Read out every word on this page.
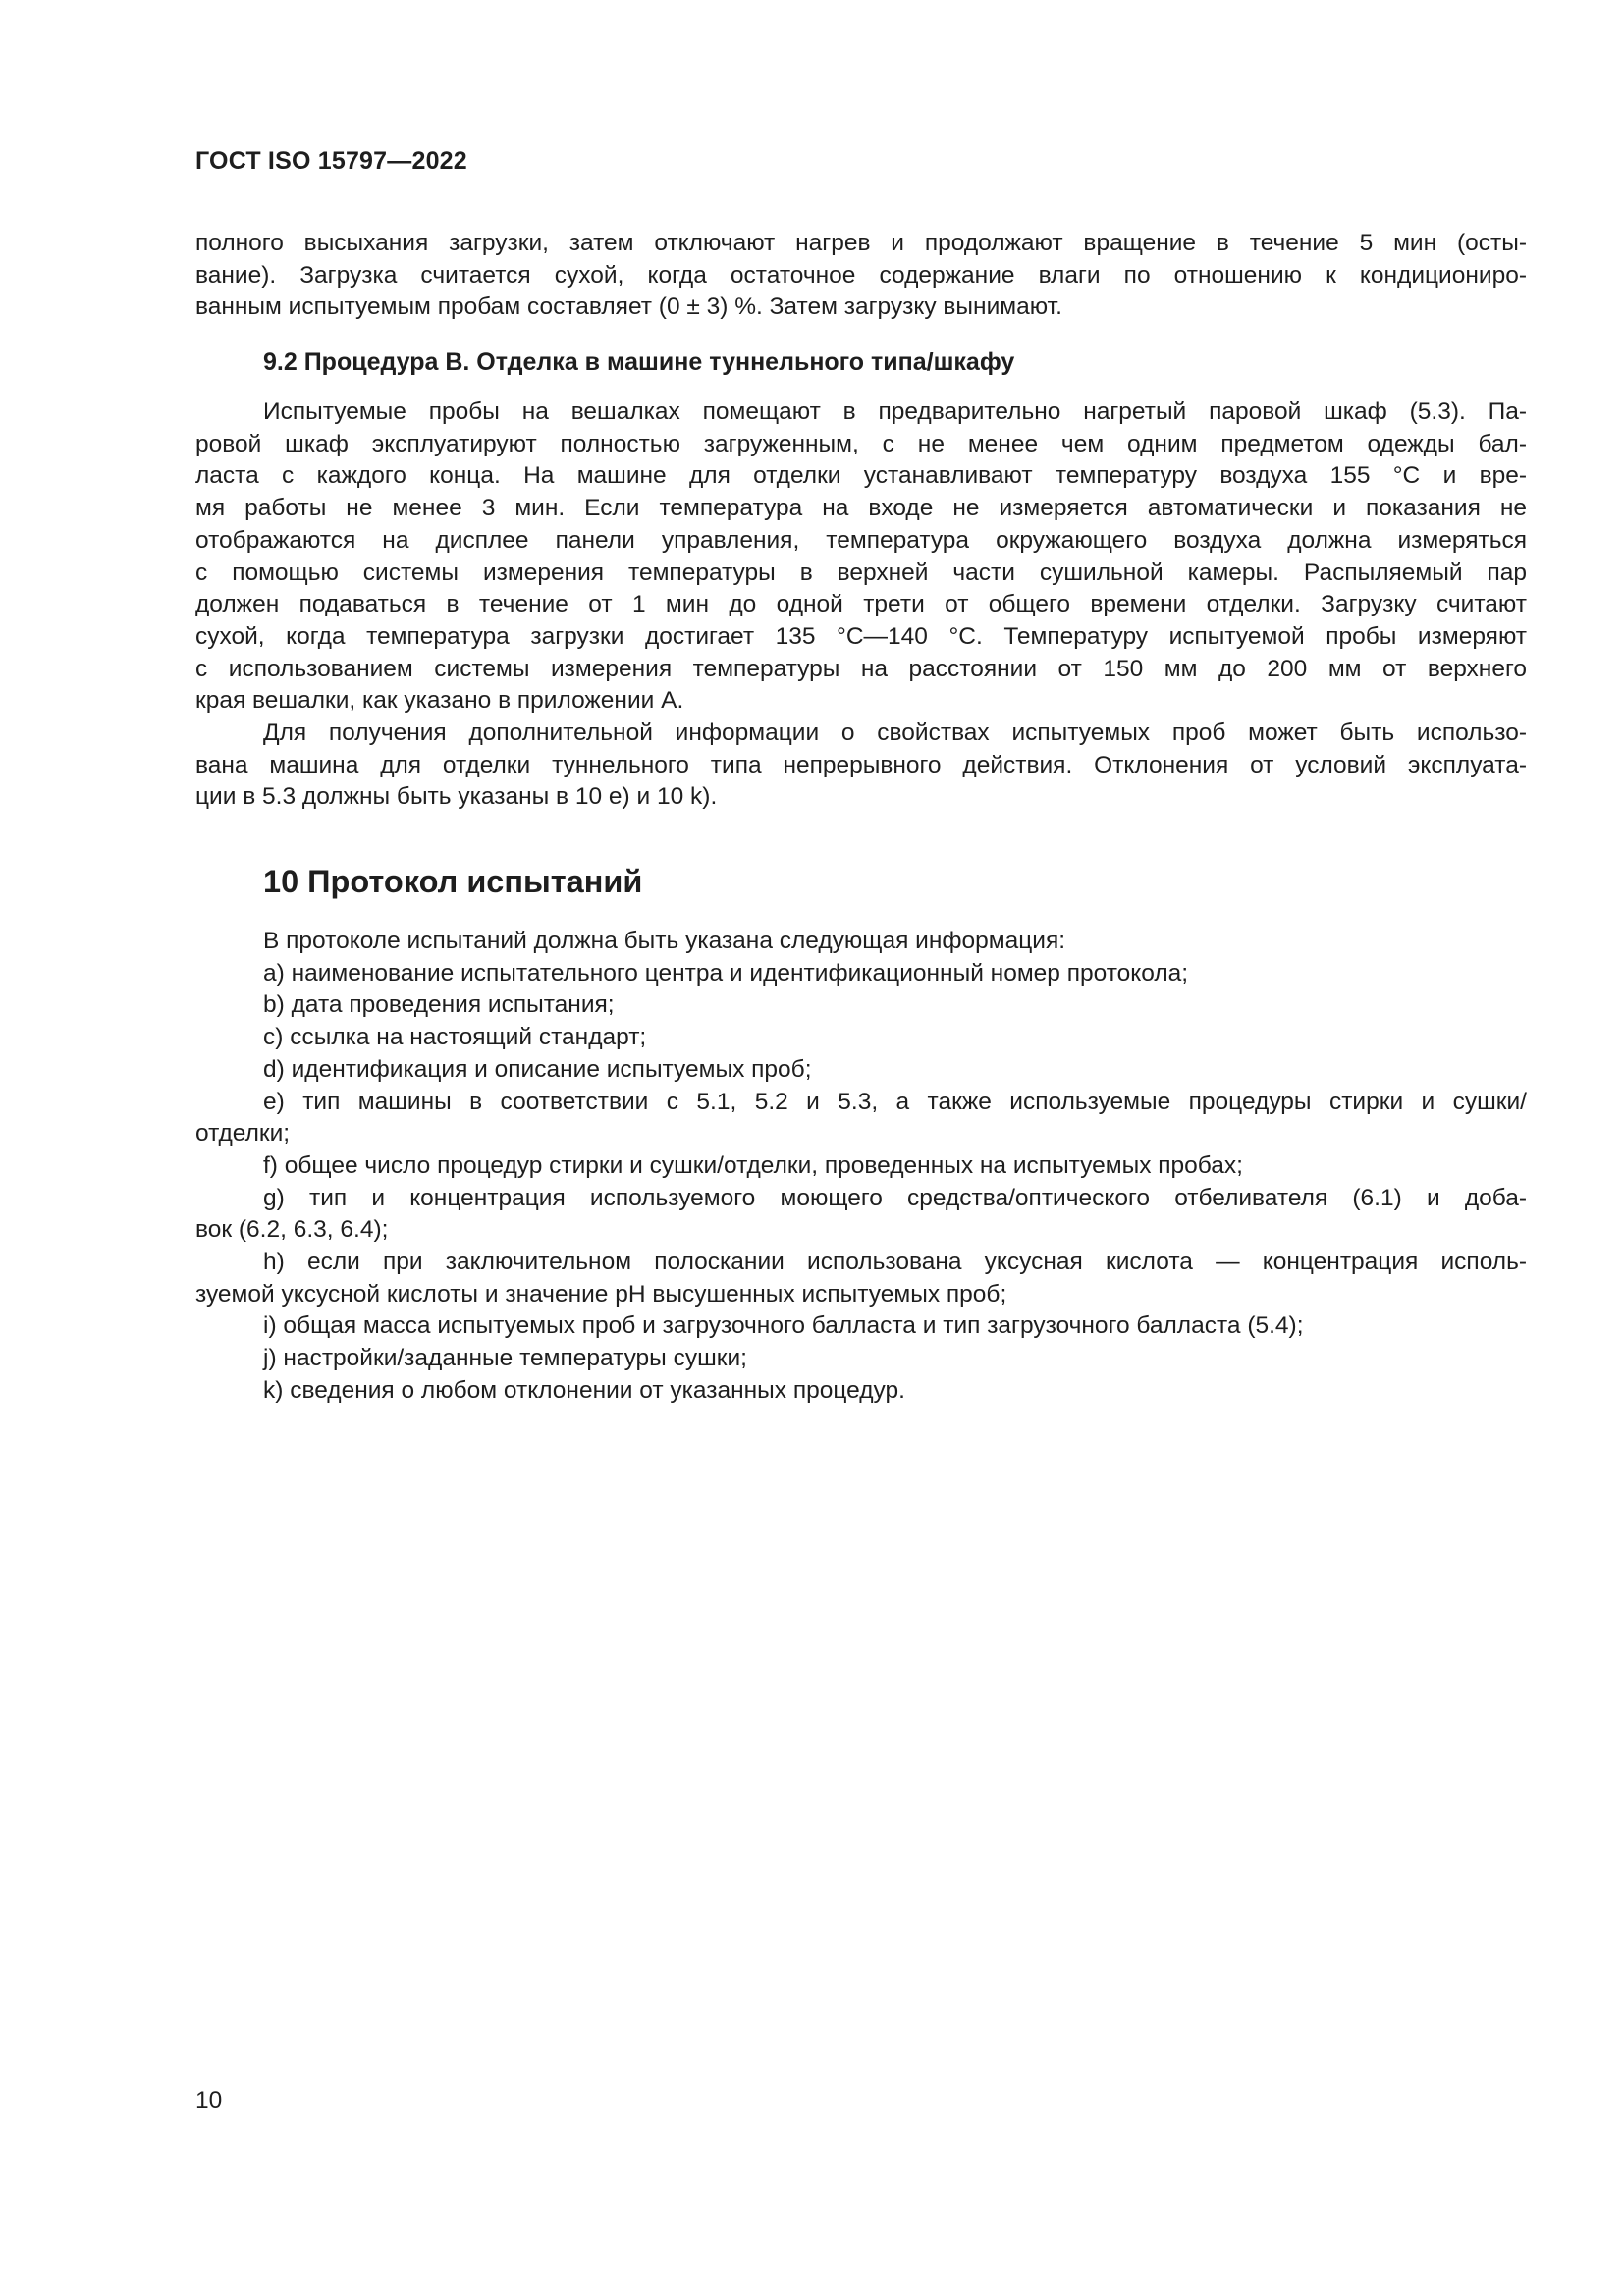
ГОСТ ISO 15797—2022
полного высыхания загрузки, затем отключают нагрев и продолжают вращение в течение 5 мин (осты-
вание). Загрузка считается сухой, когда остаточное содержание влаги по отношению к кондициониро-
ванным испытуемым пробам составляет (0 ± 3) %. Затем загрузку вынимают.
9.2 Процедура В. Отделка в машине туннельного типа/шкафу
Испытуемые пробы на вешалках помещают в предварительно нагретый паровой шкаф (5.3). Па-
ровой шкаф эксплуатируют полностью загруженным, с не менее чем одним предметом одежды бал-
ласта с каждого конца. На машине для отделки устанавливают температуру воздуха 155 °С и вре-
мя работы не менее 3 мин. Если температура на входе не измеряется автоматически и показания не
отображаются на дисплее панели управления, температура окружающего воздуха должна измеряться
с помощью системы измерения температуры в верхней части сушильной камеры. Распыляемый пар
должен подаваться в течение от 1 мин до одной трети от общего времени отделки. Загрузку считают
сухой, когда температура загрузки достигает 135 °С—140 °С. Температуру испытуемой пробы измеряют
с использованием системы измерения температуры на расстоянии от 150 мм до 200 мм от верхнего
края вешалки, как указано в приложении А.
Для получения дополнительной информации о свойствах испытуемых проб может быть использо-
вана машина для отделки туннельного типа непрерывного действия. Отклонения от условий эксплуата-
ции в 5.3 должны быть указаны в 10 е) и 10 k).
10 Протокол испытаний
В протоколе испытаний должна быть указана следующая информация:
а) наименование испытательного центра и идентификационный номер протокола;
b) дата проведения испытания;
с) ссылка на настоящий стандарт;
d) идентификация и описание испытуемых проб;
е) тип машины в соответствии с 5.1, 5.2 и 5.3, а также используемые процедуры стирки и сушки/
отделки;
f) общее число процедур стирки и сушки/отделки, проведенных на испытуемых пробах;
g) тип и концентрация используемого моющего средства/оптического отбеливателя (6.1) и доба-
вок (6.2, 6.3, 6.4);
h) если при заключительном полоскании использована уксусная кислота — концентрация исполь-
зуемой уксусной кислоты и значение pH высушенных испытуемых проб;
i) общая масса испытуемых проб и загрузочного балласта и тип загрузочного балласта (5.4);
j) настройки/заданные температуры сушки;
k) сведения о любом отклонении от указанных процедур.
10
